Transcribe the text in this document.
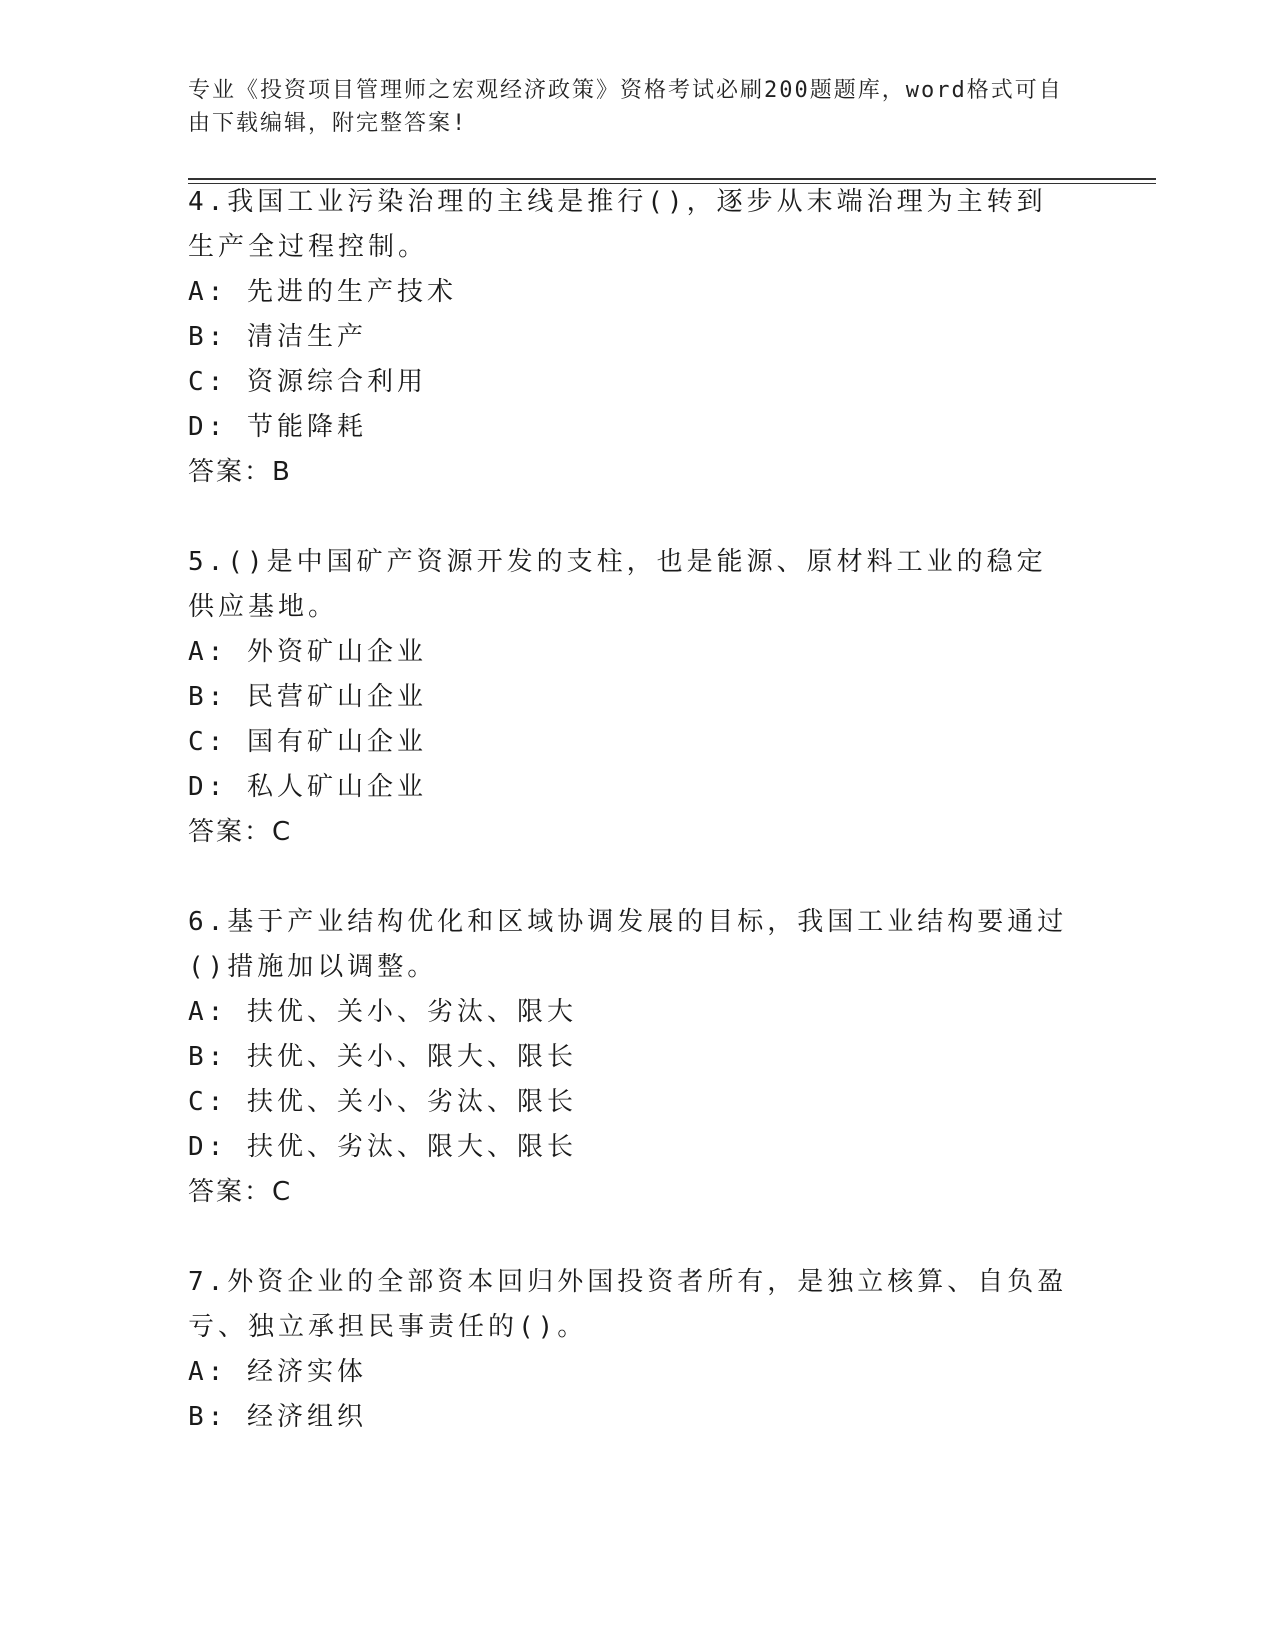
专业《投资项目管理师之宏观经济政策》资格考试必刷200题题库，word格式可自由下载编辑，附完整答案!

4.我国工业污染治理的主线是推行()，逐步从末端治理为主转到生产全过程控制。

A: 先进的生产技术

B: 清洁生产

C: 资源综合利用

D: 节能降耗

答案：B

5.()是中国矿产资源开发的支柱，也是能源、原材料工业的稳定供应基地。

A: 外资矿山企业

B: 民营矿山企业

C: 国有矿山企业

D: 私人矿山企业

答案：C

6.基于产业结构优化和区域协调发展的目标，我国工业结构要通过()措施加以调整。

A: 扶优、关小、劣汰、限大

B: 扶优、关小、限大、限长

C: 扶优、关小、劣汰、限长

D: 扶优、劣汰、限大、限长

答案：C

7.外资企业的全部资本回归外国投资者所有，是独立核算、自负盈亏、独立承担民事责任的()。

A: 经济实体

B: 经济组织
